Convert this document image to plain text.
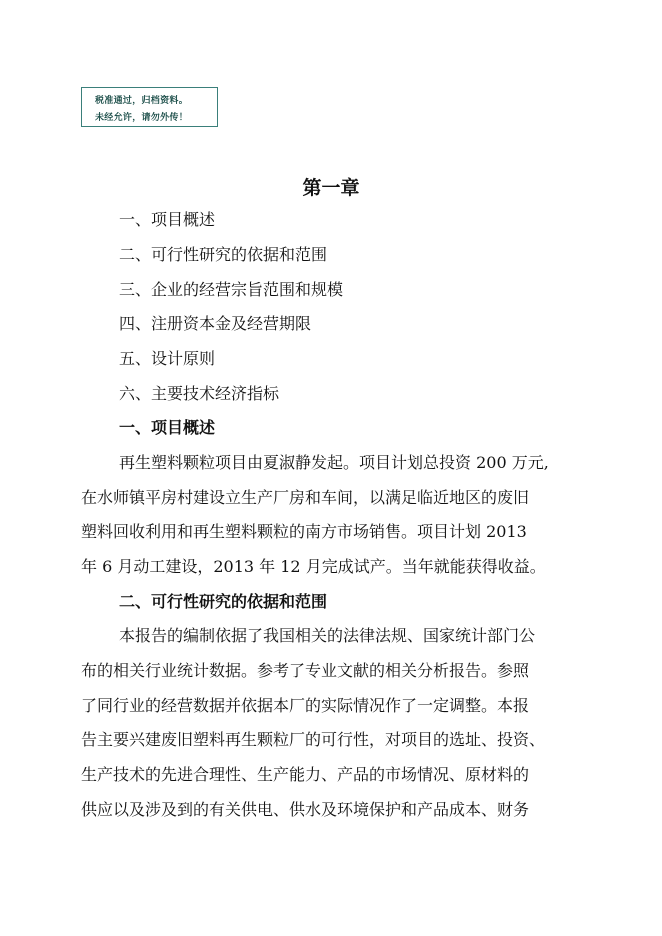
税准通过，归档资料。
未经允许，请勿外传！
第一章
一、项目概述
二、可行性研究的依据和范围
三、企业的经营宗旨范围和规模
四、注册资本金及经营期限
五、设计原则
六、主要技术经济指标
一、项目概述
再生塑料颗粒项目由夏淑静发起。项目计划总投资 200 万元,
在水师镇平房村建设立生产厂房和车间，以满足临近地区的废旧
塑料回收利用和再生塑料颗粒的南方市场销售。项目计划 2013
年 6 月动工建设，2013 年 12 月完成试产。当年就能获得收益。
二、可行性研究的依据和范围
本报告的编制依据了我国相关的法律法规、国家统计部门公
布的相关行业统计数据。参考了专业文献的相关分析报告。参照
了同行业的经营数据并依据本厂的实际情况作了一定调整。本报
告主要兴建废旧塑料再生颗粒厂的可行性，对项目的选址、投资、
生产技术的先进合理性、生产能力、产品的市场情况、原材料的
供应以及涉及到的有关供电、供水及环境保护和产品成本、财务
